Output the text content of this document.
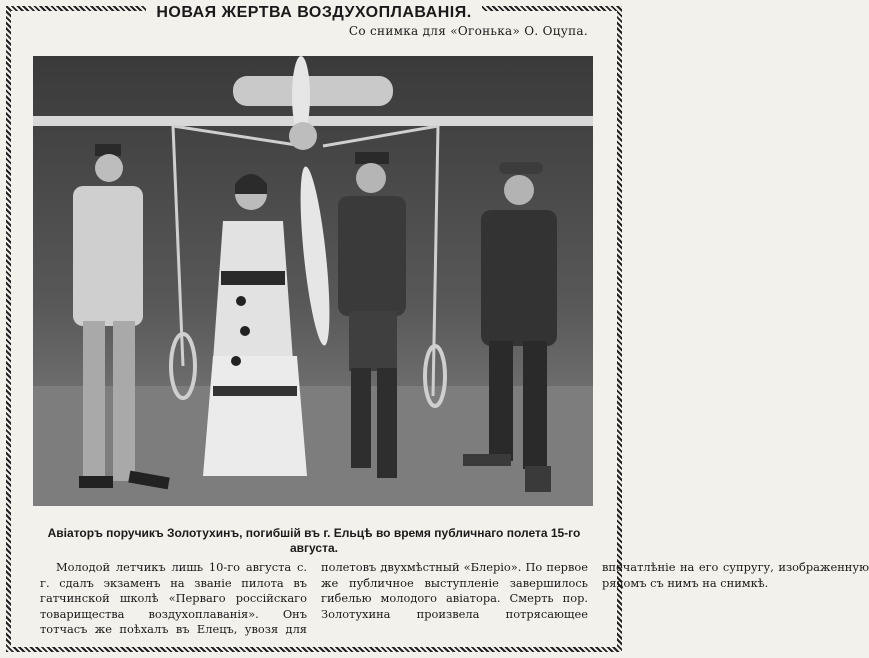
НОВАЯ ЖЕРТВА ВОЗДУХОПЛАВАНІЯ.
Со снимка для «Огонька» О. Оцупа.
Авіаторъ поручикъ Золотухинъ, погибшій въ г. Ельцѣ во время публичнаго полета 15-го августа.
Молодой летчикъ лишь 10-го августа с. г. сдалъ экзаменъ на званіе пилота въ гатчинской школѣ «Перваго россійскаго товарищества воздухоплаванія». Онъ тотчасъ же поѣхалъ въ Елецъ, увозя для полетовъ двухмѣстный «Блеріо». По первое же публичное выступленіе завершилось гибелью молодого авіатора. Смерть пор. Золотухина произвела потрясающее впечатлѣніе на его супругу, изображенную рядомъ съ нимъ на снимкѣ.
